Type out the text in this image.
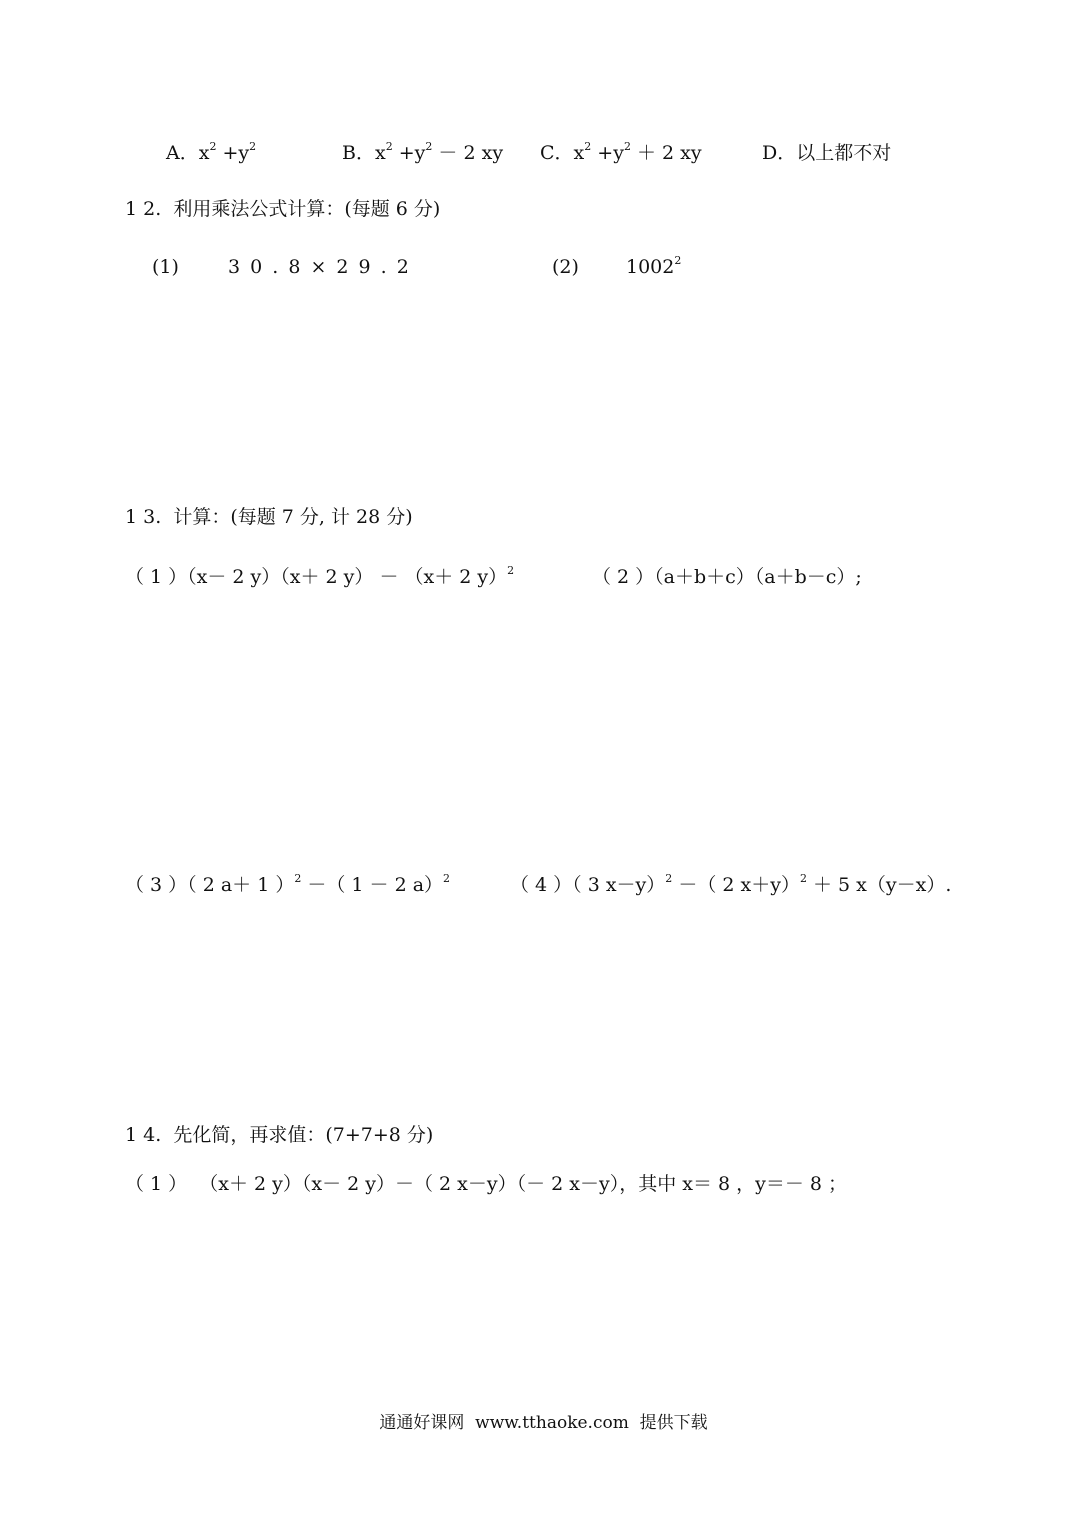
A．$x^2 +y^2$	B．$x^2 +y^2 - 2$ xy C．$x^2 +y^2 + 2$ xy	D．以上都不对
1 2.  利用乘法公式计算：(每题 6 分)
(1)	3 0 . 8 × 2 9 . 2	(2) 1002$^2$
1 3.  计算：(每题 7 分, 计 28 分)
（ 1 ）（x－ 2 y）（x＋ 2 y） － （x＋ 2 y）$^2$	（ 2 ）（a＋b＋c）（a＋b－c）;
（ 3 ）（ 2 a＋ 1 ）$^2$ －（ 1 － 2 a）$^2$	（ 4 ）（ 3 x－y）$^2$ －（ 2 x＋y）$^2$ ＋ 5 x（y－x）.
1 4.  先化简，再求值：(7+7+8 分)
（ 1 ）  （x＋ 2 y）（x－ 2 y）－（ 2 x－y）（－ 2 x－y），其中 x＝ 8 ，y＝－ 8 ；
通通好课网  www.tthaoke.com  提供下载
